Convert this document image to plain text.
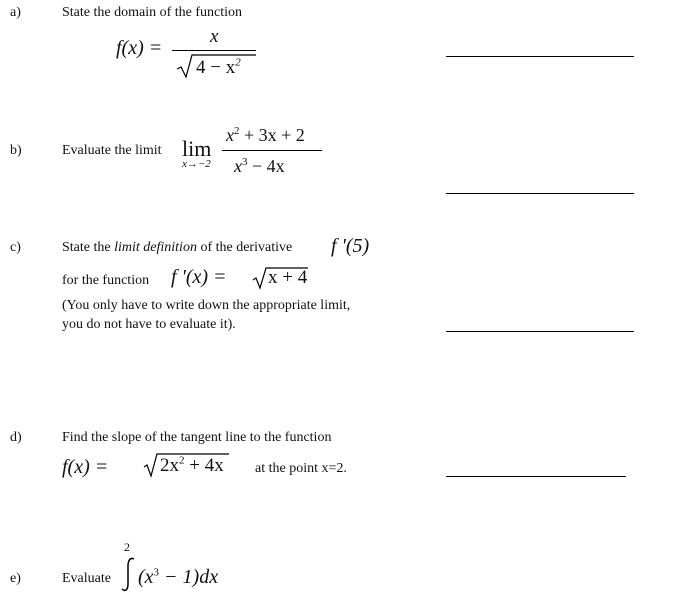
a)	State the domain of the function
f(x) =
x
$4 - x^2$
b)	Evaluate the limit lim
x→−2
$x^2 + 3x + 2$
$x^3 - 4x$
c)	State the limit definition of the derivative f '(5)
for the function f '(x) = x + 4
(You only have to write down the appropriate limit,
you do not have to evaluate it).
d)	Find the slope of the tangent line to the function
f(x) =	$2x^2 + 4x$ at the point x=2.
e)	Evaluate
2
$(x^3 - 1)dx$
